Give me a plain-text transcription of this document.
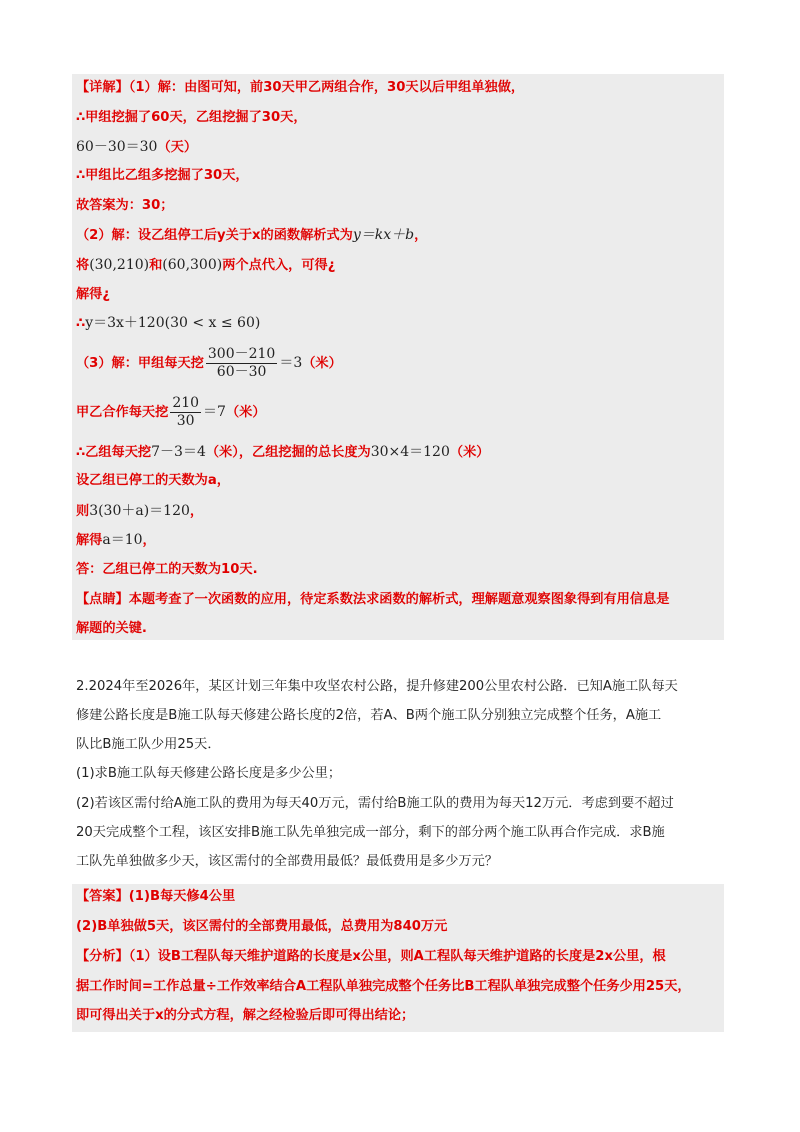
【详解】（1）解：由图可知，前30天甲乙两组合作，30天以后甲组单独做，
∴甲组挖掘了60天，乙组挖掘了30天，
60－30＝30（天）
∴甲组比乙组多挖掘了30天，
故答案为：30；
（2）解：设乙组停工后y关于x的函数解析式为y＝kx＋b，
将(30,210)和(60,300)两个点代入，可得¿
解得¿
∴y＝3x＋120(30 < x ≤ 60)
（3）解：甲组每天挖 $\frac{300-210}{60-30} =3$（米）
甲乙合作每天挖 $\frac{210}{30} =7$（米）
∴乙组每天挖7－3＝4（米），乙组挖掘的总长度为30×4＝120（米）
设乙组已停工的天数为a，
则3(30＋a)＝120，
解得a＝10，
答：乙组已停工的天数为10天.
【点睛】本题考查了一次函数的应用，待定系数法求函数的解析式，理解题意观察图象得到有用信息是
解题的关键.
2.2024年至2026年，某区计划三年集中攻坚农村公路，提升修建200公里农村公路．已知A施工队每天
修建公路长度是B施工队每天修建公路长度的2倍，若A、B两个施工队分别独立完成整个任务，A施工
队比B施工队少用25天．
(1)求B施工队每天修建公路长度是多少公里；
(2)若该区需付给A施工队的费用为每天40万元，需付给B施工队的费用为每天12万元．考虑到要不超过
20天完成整个工程，该区安排B施工队先单独完成一部分，剩下的部分两个施工队再合作完成．求B施
工队先单独做多少天，该区需付的全部费用最低？最低费用是多少万元？
【答案】(1)B每天修4公里
(2)B单独做5天，该区需付的全部费用最低，总费用为840万元
【分析】（1）设B工程队每天维护道路的长度是x公里，则A工程队每天维护道路的长度是2x公里，根
据工作时间=工作总量÷工作效率结合A工程队单独完成整个任务比B工程队单独完成整个任务少用25天，
即可得出关于x的分式方程，解之经检验后即可得出结论；
